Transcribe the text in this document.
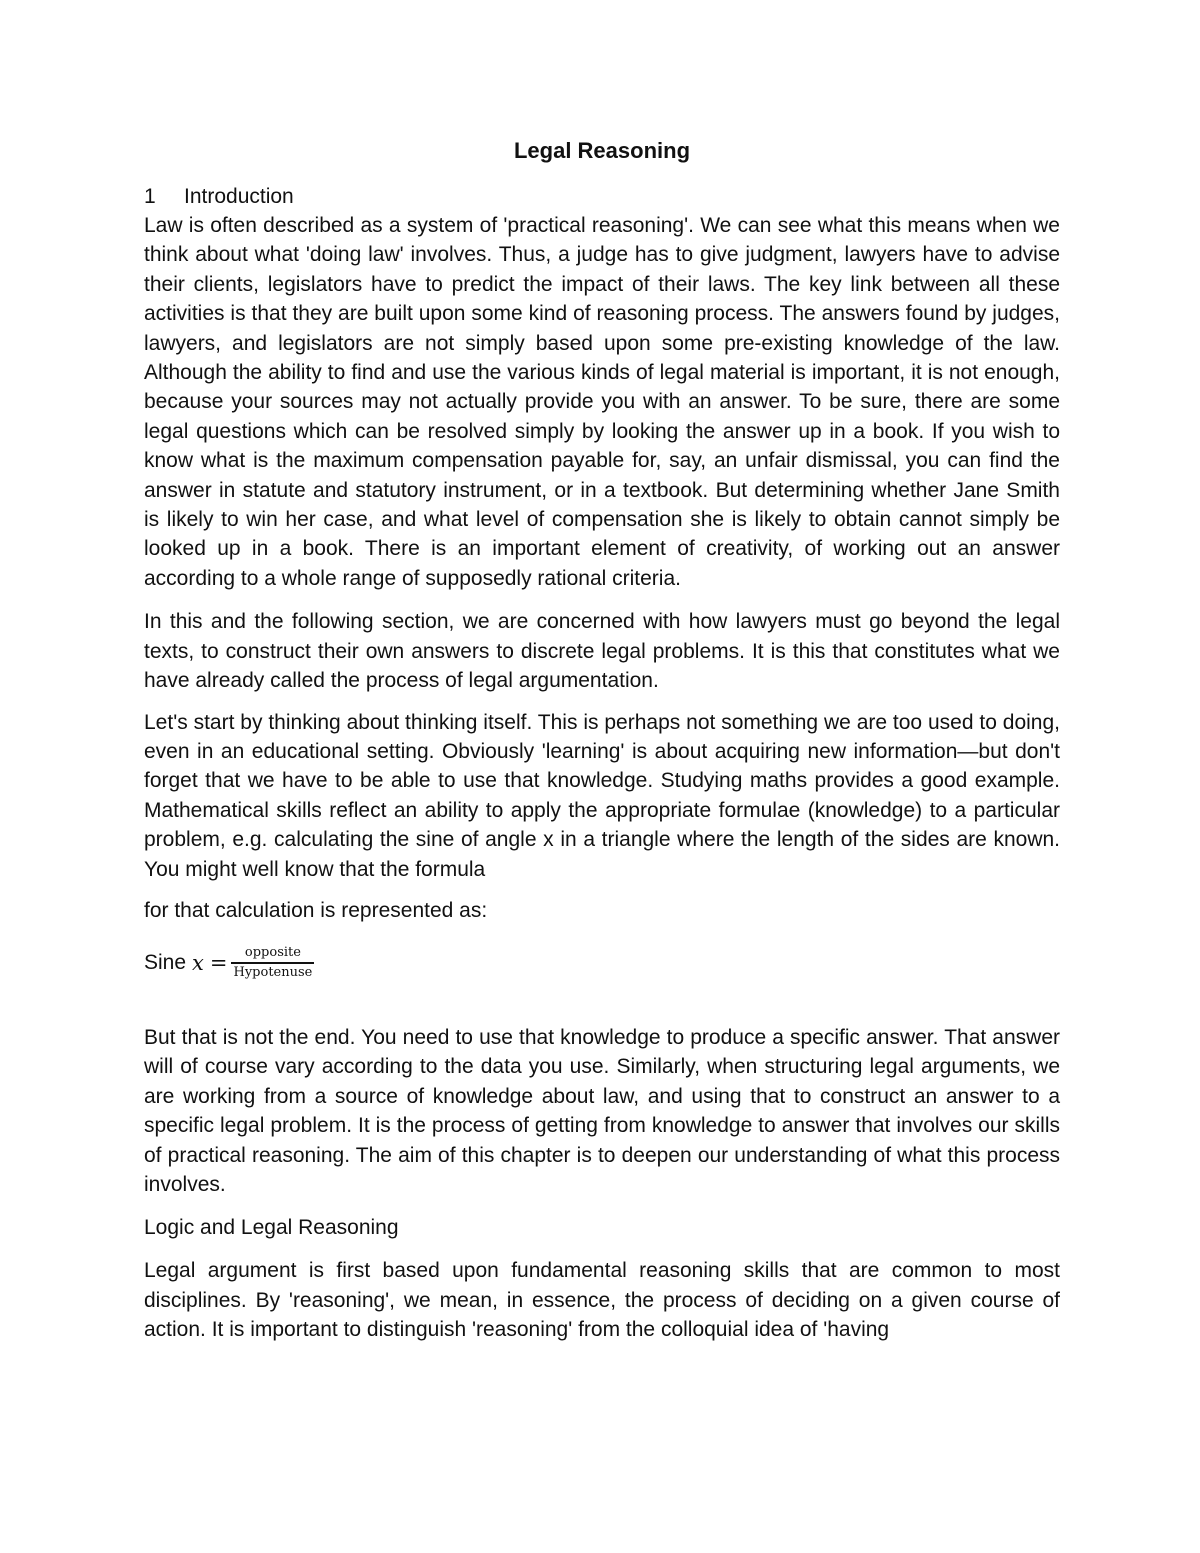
Legal Reasoning
1 Introduction

Law is often described as a system of 'practical reasoning'. We can see what this means when we think about what 'doing law' involves. Thus, a judge has to give judgment, lawyers have to advise their clients, legislators have to predict the impact of their laws. The key link between all these activities is that they are built upon some kind of reasoning process. The answers found by judges, lawyers, and legislators are not simply based upon some pre-existing knowledge of the law. Although the ability to find and use the various kinds of legal material is important, it is not enough, because your sources may not actually provide you with an answer. To be sure, there are some legal questions which can be resolved simply by looking the answer up in a book. If you wish to know what is the maximum compensation payable for, say, an unfair dismissal, you can find the answer in statute and statutory instrument, or in a textbook. But determining whether Jane Smith is likely to win her case, and what level of compensation she is likely to obtain cannot simply be looked up in a book. There is an important element of creativity, of working out an answer according to a whole range of supposedly rational criteria.

In this and the following section, we are concerned with how lawyers must go beyond the legal texts, to construct their own answers to discrete legal problems. It is this that constitutes what we have already called the process of legal argumentation.

Let's start by thinking about thinking itself. This is perhaps not something we are too used to doing, even in an educational setting. Obviously 'learning' is about acquiring new information—but don't forget that we have to be able to use that knowledge. Studying maths provides a good example. Mathematical skills reflect an ability to apply the appropriate formulae (knowledge) to a particular problem, e.g. calculating the sine of angle x in a triangle where the length of the sides are known. You might well know that the formula

for that calculation is represented as:
Sine $x = \frac{\text{opposite}}{\text{Hypotenuse}}$

But that is not the end. You need to use that knowledge to produce a specific answer. That answer will of course vary according to the data you use. Similarly, when structuring legal arguments, we are working from a source of knowledge about law, and using that to construct an answer to a specific legal problem. It is the process of getting from knowledge to answer that involves our skills of practical reasoning. The aim of this chapter is to deepen our understanding of what this process involves.

Logic and Legal Reasoning

Legal argument is first based upon fundamental reasoning skills that are common to most disciplines. By 'reasoning', we mean, in essence, the process of deciding on a given course of action. It is important to distinguish 'reasoning' from the colloquial idea of 'having
